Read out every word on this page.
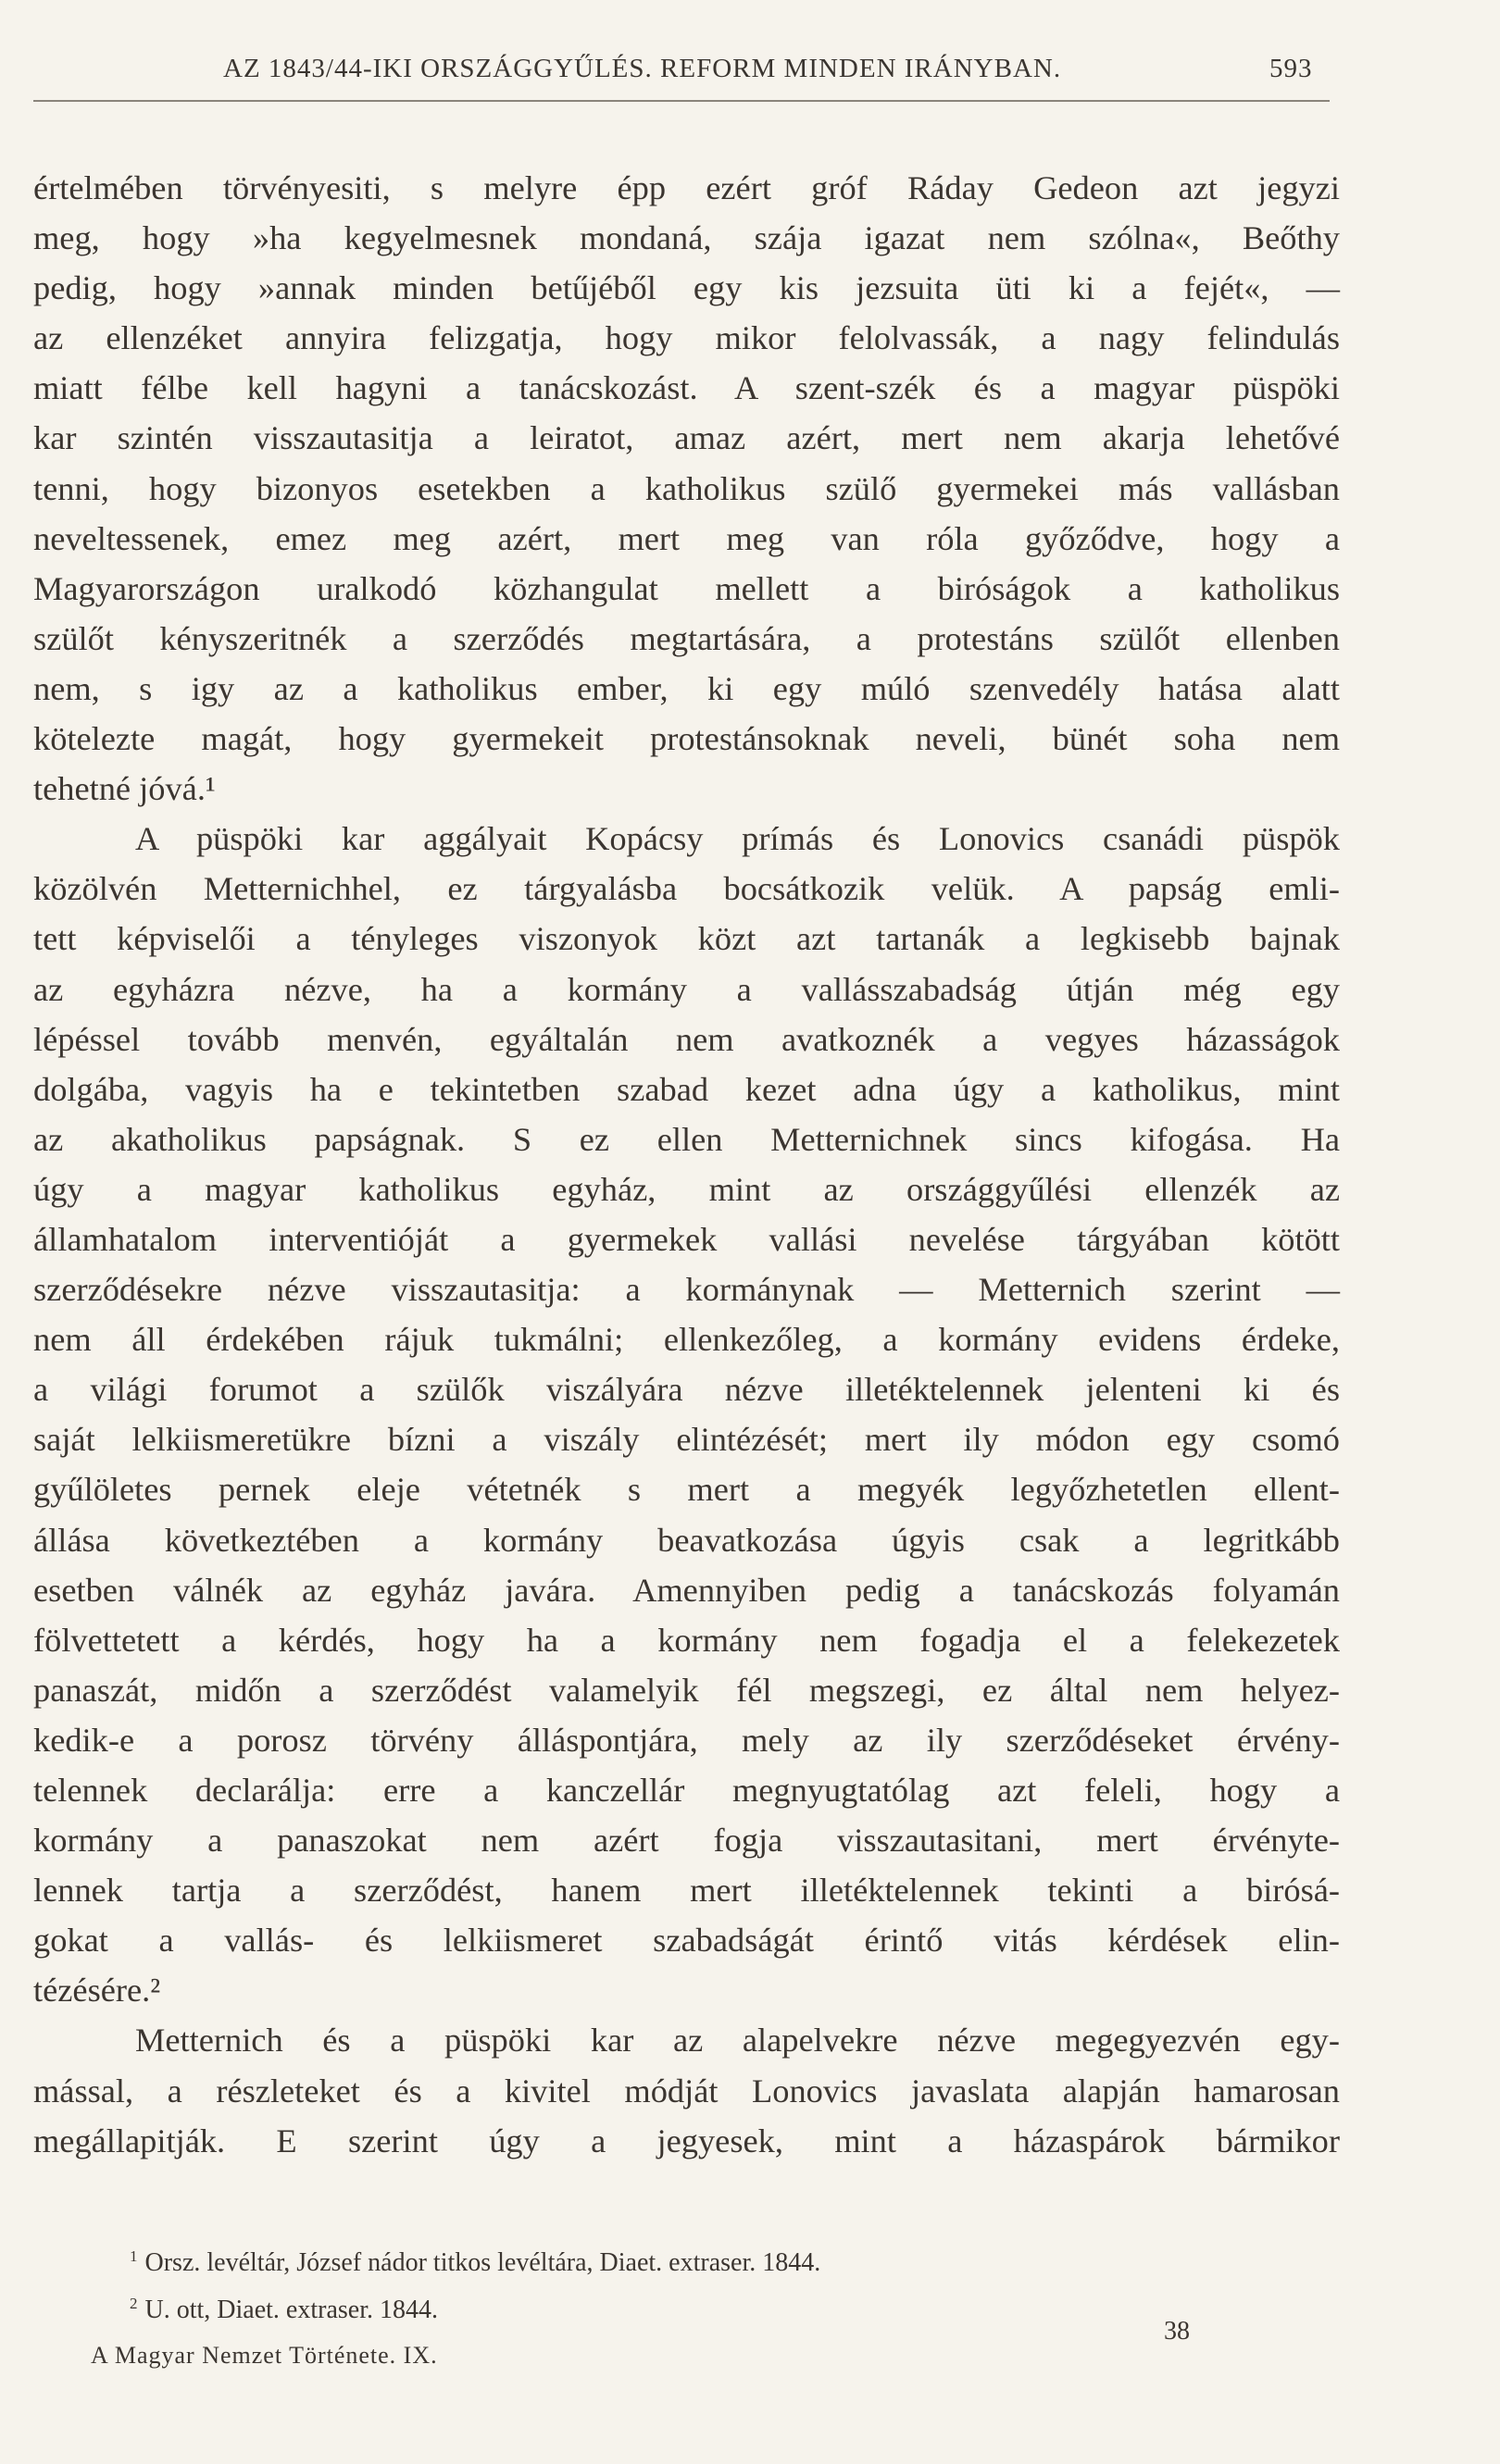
AZ 1843/44-IKI ORSZÁGGYŰLÉS. REFORM MINDEN IRÁNYBAN.	593
értelmében törvényesiti, s melyre épp ezért gróf Ráday Gedeon azt jegyzi
meg, hogy »ha kegyelmesnek mondaná, szája igazat nem szólna«, Beőthy
pedig, hogy »annak minden betűjéből egy kis jezsuita üti ki a fejét«, —
az ellenzéket annyira felizgatja, hogy mikor felolvassák, a nagy felindulás
miatt félbe kell hagyni a tanácskozást. A szent-szék és a magyar püspöki
kar szintén visszautasitja a leiratot, amaz azért, mert nem akarja lehetővé
tenni, hogy bizonyos esetekben a katholikus szülő gyermekei más vallásban
neveltessenek, emez meg azért, mert meg van róla győződve, hogy a
Magyarországon uralkodó közhangulat mellett a biróságok a katholikus
szülőt kényszeritnék a szerződés megtartására, a protestáns szülőt ellenben
nem, s igy az a katholikus ember, ki egy múló szenvedély hatása alatt
kötelezte magát, hogy gyermekeit protestánsoknak neveli, bünét soha nem
tehetné jóvá.¹
A püspöki kar aggályait Kopácsy prímás és Lonovics csanádi püspök
közölvén Metternichhel, ez tárgyalásba bocsátkozik velük. A papság emli-
tett képviselői a tényleges viszonyok közt azt tartanák a legkisebb bajnak
az egyházra nézve, ha a kormány a vallásszabadság útján még egy
lépéssel tovább menvén, egyáltalán nem avatkoznék a vegyes házasságok
dolgába, vagyis ha e tekintetben szabad kezet adna úgy a katholikus, mint
az akatholikus papságnak. S ez ellen Metternichnek sincs kifogása. Ha
úgy a magyar katholikus egyház, mint az országgyűlési ellenzék az
államhatalom interventióját a gyermekek vallási nevelése tárgyában kötött
szerződésekre nézve visszautasitja: a kormánynak — Metternich szerint —
nem áll érdekében rájuk tukmálni; ellenkezőleg, a kormány evidens érdeke,
a világi forumot a szülők viszályára nézve illetéktelennek jelenteni ki és
saját lelkiismeretükre bízni a viszály elintézését; mert ily módon egy csomó
gyűlöletes pernek eleje vétetnék s mert a megyék legyőzhetetlen ellent-
állása következtében a kormány beavatkozása úgyis csak a legritkább
esetben válnék az egyház javára. Amennyiben pedig a tanácskozás folyamán
fölvettetett a kérdés, hogy ha a kormány nem fogadja el a felekezetek
panaszát, midőn a szerződést valamelyik fél megszegi, ez által nem helyez-
kedik-e a porosz törvény álláspontjára, mely az ily szerződéseket érvény-
telennek declarálja: erre a kanczellár megnyugtatólag azt feleli, hogy a
kormány a panaszokat nem azért fogja visszautasitani, mert érvényte-
lennek tartja a szerződést, hanem mert illetéktelennek tekinti a birósá-
gokat a vallás- és lelkiismeret szabadságát érintő vitás kérdések elin-
tézésére.²
Metternich és a püspöki kar az alapelvekre nézve megegyezvén egy-
mással, a részleteket és a kivitel módját Lonovics javaslata alapján hamarosan
megállapitják. E szerint úgy a jegyesek, mint a házaspárok bármikor
$^1$ Orsz. levéltár, József nádor titkos levéltára, Diaet. extraser. 1844.
$^2$ U. ott, Diaet. extraser. 1844.
A Magyar Nemzet Története. IX.
38
